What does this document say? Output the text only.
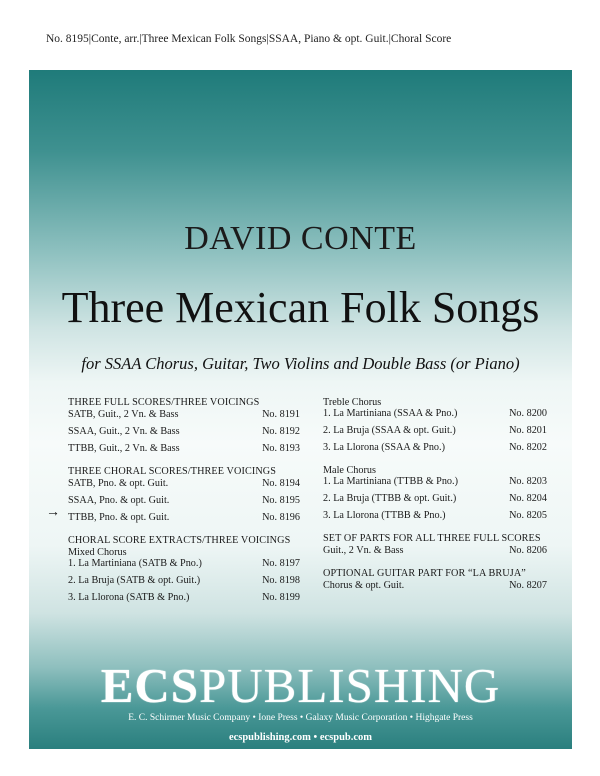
No. 8195|Conte, arr.|Three Mexican Folk Songs|SSAA, Piano & opt. Guit.|Choral Score
DAVID CONTE
Three Mexican Folk Songs
for SSAA Chorus, Guitar, Two Violins and Double Bass (or Piano)
→
THREE FULL SCORES/THREE VOICINGS
SATB, Guit., 2 Vn. & Bass	No. 8191
SSAA, Guit., 2 Vn. & Bass	No. 8192
TTBB, Guit., 2 Vn. & Bass	No. 8193
THREE CHORAL SCORES/THREE VOICINGS
SATB, Pno. & opt. Guit.	No. 8194
SSAA, Pno. & opt. Guit.	No. 8195
TTBB, Pno. & opt. Guit.	No. 8196
CHORAL SCORE EXTRACTS/THREE VOICINGS
Mixed Chorus
1. La Martiniana (SATB & Pno.)	No. 8197
2. La Bruja (SATB & opt. Guit.)	No. 8198
3. La Llorona (SATB & Pno.)	No. 8199
Treble Chorus
1. La Martiniana (SSAA & Pno.)	No. 8200
2. La Bruja (SSAA & opt. Guit.)	No. 8201
3. La Llorona (SSAA & Pno.)	No. 8202
Male Chorus
1. La Martiniana (TTBB & Pno.)	No. 8203
2. La Bruja (TTBB & opt. Guit.)	No. 8204
3. La Llorona (TTBB & Pno.)	No. 8205
SET OF PARTS FOR ALL THREE FULL SCORES
Guit., 2 Vn. & Bass	No. 8206
OPTIONAL GUITAR PART FOR “LA BRUJA”
Chorus & opt. Guit.	No. 8207
ECSPUBLISHING
E. C. Schirmer Music Company • Ione Press • Galaxy Music Corporation • Highgate Press
ecspublishing.com • ecspub.com
